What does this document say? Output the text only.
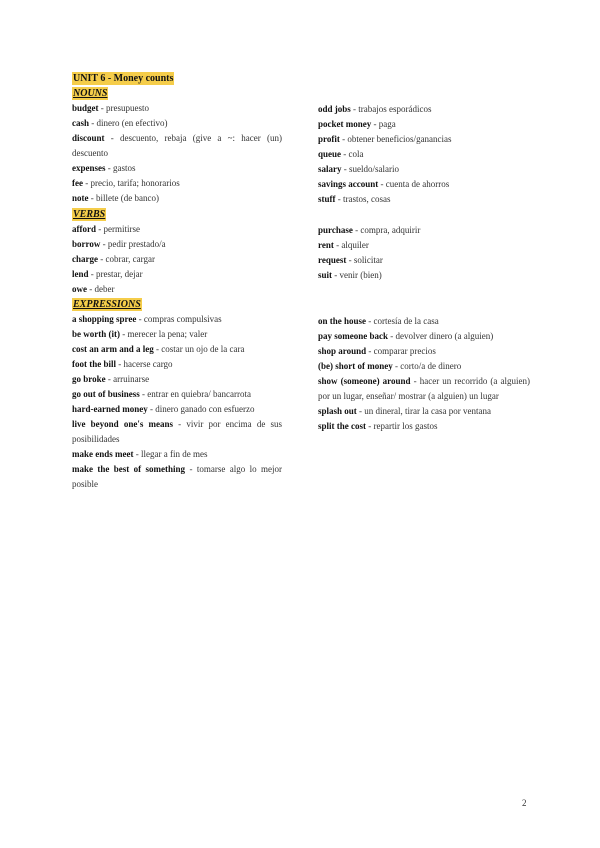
UNIT 6 - Money counts
NOUNS
budget - presupuesto
cash - dinero (en efectivo)
discount - descuento, rebaja (give a ~: hacer (un) descuento
expenses - gastos
fee - precio, tarifa; honorarios
note - billete (de banco)
odd jobs - trabajos esporádicos
pocket money - paga
profit - obtener beneficios/ganancias
queue - cola
salary - sueldo/salario
savings account - cuenta de ahorros
stuff - trastos, cosas
VERBS
afford - permitirse
borrow - pedir prestado/a
charge - cobrar, cargar
lend - prestar, dejar
owe - deber
purchase - compra, adquirir
rent - alquiler
request - solicitar
suit - venir (bien)
EXPRESSIONS
a shopping spree - compras compulsivas
be worth (it) - merecer la pena; valer
cost an arm and a leg - costar un ojo de la cara
foot the bill - hacerse cargo
go broke - arruinarse
go out of business - entrar en quiebra/ bancarrota
hard-earned money - dinero ganado con esfuerzo
live beyond one's means - vivir por encima de sus posibilidades
make ends meet - llegar a fin de mes
make the best of something - tomarse algo lo mejor posible
on the house - cortesía de la casa
pay someone back - devolver dinero (a alguien)
shop around - comparar precios
(be) short of money - corto/a de dinero
show (someone) around - hacer un recorrido (a alguien) por un lugar, enseñar/ mostrar (a alguien) un lugar
splash out - un dineral, tirar la casa por ventana
split the cost - repartir los gastos
2
